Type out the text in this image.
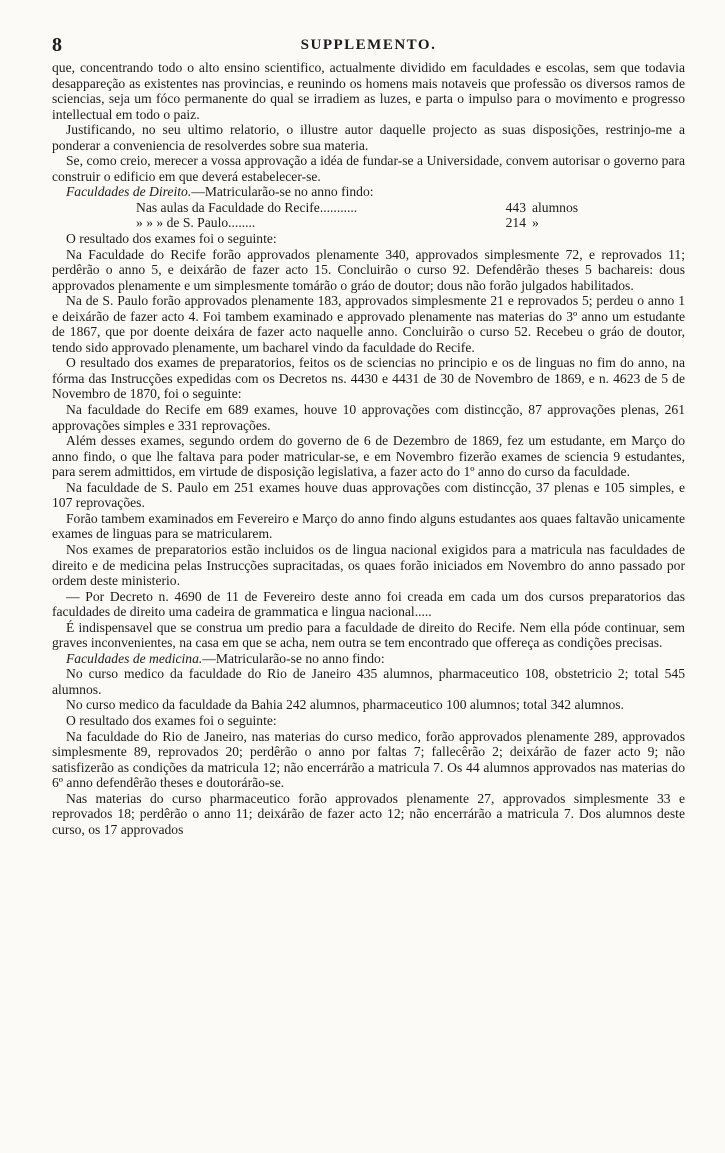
8	SUPPLEMENTO.

que, concentrando todo o alto ensino scientifico, actualmente dividido em faculdades e escolas, sem que todavia desappareção as existentes nas provincias, e reunindo os homens mais notaveis que professão os diversos ramos de sciencias, seja um fóco permanente do qual se irradiem as luzes, e parta o impulso para o movimento e progresso intellectual em todo o paiz.

Justificando, no seu ultimo relatorio, o illustre autor daquelle projecto as suas disposições, restrinjo-me a ponderar a conveniencia de resolverdes sobre sua materia.

Se, como creio, merecer a vossa approvação a idéa de fundar-se a Universidade, convem autorisar o governo para construir o edificio em que deverá estabelecer-se.

Faculdades de Direito.—Matricularão-se no anno findo:

Nas aulas da Faculdade do Recife...........	443	alumnos
» » » de S. Paulo........	214	»

O resultado dos exames foi o seguinte:

Na Faculdade do Recife forão approvados plenamente 340, approvados simplesmente 72, e reprovados 11; perdêrão o anno 5, e deixárão de fazer acto 15. Concluirão o curso 92. Defendêrão theses 5 bachareis: dous approvados plenamente e um simplesmente tomárão o gráo de doutor; dous não forão julgados habilitados.

Na de S. Paulo forão approvados plenamente 183, approvados simplesmente 21 e reprovados 5; perdeu o anno 1 e deixárão de fazer acto 4. Foi tambem examinado e approvado plenamente nas materias do 3º anno um estudante de 1867, que por doente deixára de fazer acto naquelle anno. Concluirão o curso 52. Recebeu o gráo de doutor, tendo sido approvado plenamente, um bacharel vindo da faculdade do Recife.

O resultado dos exames de preparatorios, feitos os de sciencias no principio e os de linguas no fim do anno, na fórma das Instrucções expedidas com os Decretos ns. 4430 e 4431 de 30 de Novembro de 1869, e n. 4623 de 5 de Novembro de 1870, foi o seguinte:

Na faculdade do Recife em 689 exames, houve 10 approvações com distincção, 87 approvações plenas, 261 approvações simples e 331 reprovações.

Além desses exames, segundo ordem do governo de 6 de Dezembro de 1869, fez um estudante, em Março do anno findo, o que lhe faltava para poder matricular-se, e em Novembro fizerão exames de sciencia 9 estudantes, para serem admittidos, em virtude de disposição legislativa, a fazer acto do 1º anno do curso da faculdade.

Na faculdade de S. Paulo em 251 exames houve duas approvações com distincção, 37 plenas e 105 simples, e 107 reprovações.

Forão tambem examinados em Fevereiro e Março do anno findo alguns estudantes aos quaes faltavão unicamente exames de linguas para se matricularem.

Nos exames de preparatorios estão incluidos os de lingua nacional exigidos para a matricula nas faculdades de direito e de medicina pelas Instrucções supracitadas, os quaes forão iniciados em Novembro do anno passado por ordem deste ministerio.

— Por Decreto n. 4690 de 11 de Fevereiro deste anno foi creada em cada um dos cursos preparatorios das faculdades de direito uma cadeira de grammatica e lingua nacional.....

É indispensavel que se construa um predio para a faculdade de direito do Recife. Nem ella póde continuar, sem graves inconvenientes, na casa em que se acha, nem outra se tem encontrado que offereça as condições precisas.

Faculdades de medicina.—Matricularão-se no anno findo:

No curso medico da faculdade do Rio de Janeiro 435 alumnos, pharmaceutico 108, obstetricio 2; total 545 alumnos.

No curso medico da faculdade da Bahia 242 alumnos, pharmaceutico 100 alumnos; total 342 alumnos.

O resultado dos exames foi o seguinte:

Na faculdade do Rio de Janeiro, nas materias do curso medico, forão approvados plenamente 289, approvados simplesmente 89, reprovados 20; perdêrão o anno por faltas 7; fallecêrão 2; deixárão de fazer acto 9; não satisfizerão as condições da matricula 12; não encerrárão a matricula 7. Os 44 alumnos approvados nas materias do 6º anno defendêrão theses e doutorárão-se.

Nas materias do curso pharmaceutico forão approvados plenamente 27, approvados simplesmente 33 e reprovados 18; perdêrão o anno 11; deixárão de fazer acto 12; não encerrárão a matricula 7. Dos alumnos deste curso, os 17 approvados
